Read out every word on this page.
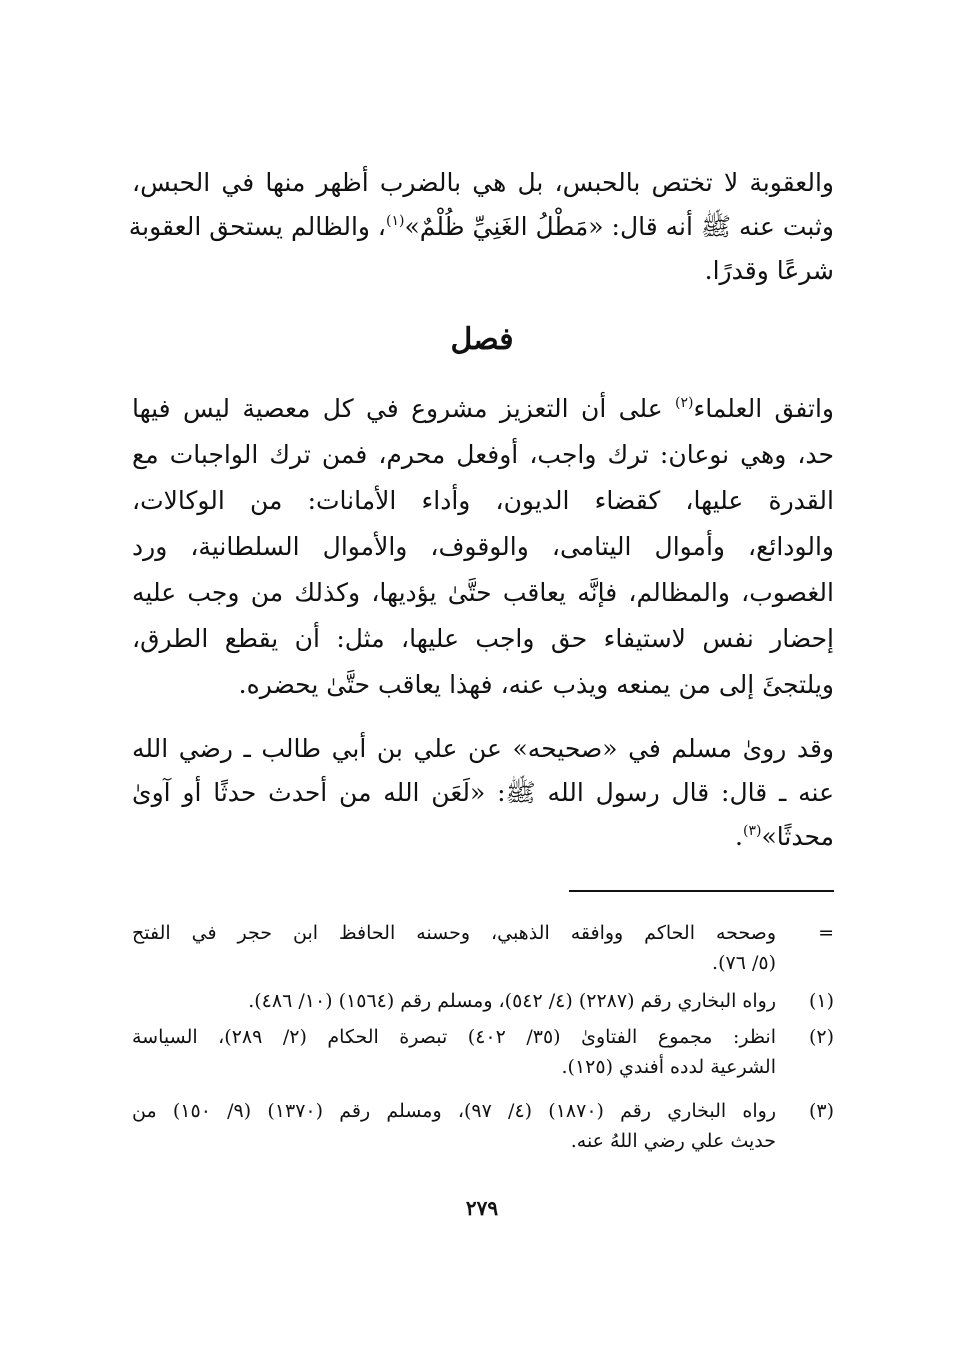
والعقوبة لا تختص بالحبس، بل هي بالضرب أظهر منها في الحبس،
وثبت عنه ﷺ أنه قال: «مَطْلُ الغَنِيِّ ظُلْمٌ»$^{(١)}$، والظالم يستحق العقوبة
شرعًا وقدرًا.
فصل
واتفق العلماء$^{(٢)}$ على أن التعزيز مشروع في كل معصية ليس فيها
حد، وهي نوعان: ترك واجب، أوفعل محرم، فمن ترك الواجبات مع
القدرة عليها، كقضاء الديون، وأداء الأمانات: من الوكالات،
والودائع، وأموال اليتامى، والوقوف، والأموال السلطانية، ورد
الغصوب، والمظالم، فإنَّه يعاقب حتَّىٰ يؤديها، وكذلك من وجب عليه
إحضار نفس لاستيفاء حق واجب عليها، مثل: أن يقطع الطرق،
ويلتجئَ إلى من يمنعه ويذب عنه، فهذا يعاقب حتَّىٰ يحضره.
وقد روىٰ مسلم في «صحيحه» عن علي بن أبي طالب ـ رضي الله
عنه ـ قال: قال رسول الله ﷺ: «لَعَن الله من أحدث حدثًا أو آوىٰ
محدثًا»$^{(٣)}$.
=
وصححه الحاكم ووافقه الذهبي، وحسنه الحافظ ابن حجر في الفتح
(٥/ ٧٦).
(١)
رواه البخاري رقم (٢٢٨٧) (٤/ ٥٤٢)، ومسلم رقم (١٥٦٤) (١٠/ ٤٨٦).
(٢)
انظر: مجموع الفتاوىٰ (٣٥/ ٤٠٢) تبصرة الحكام (٢/ ٢٨٩)، السياسة
الشرعية لدده أفندي (١٢٥).
(٣)
رواه البخاري رقم (١٨٧٠) (٤/ ٩٧)، ومسلم رقم (١٣٧٠) (٩/ ١٥٠) من
حديث علي رضي اللهُ عنه.
٢٧٩
